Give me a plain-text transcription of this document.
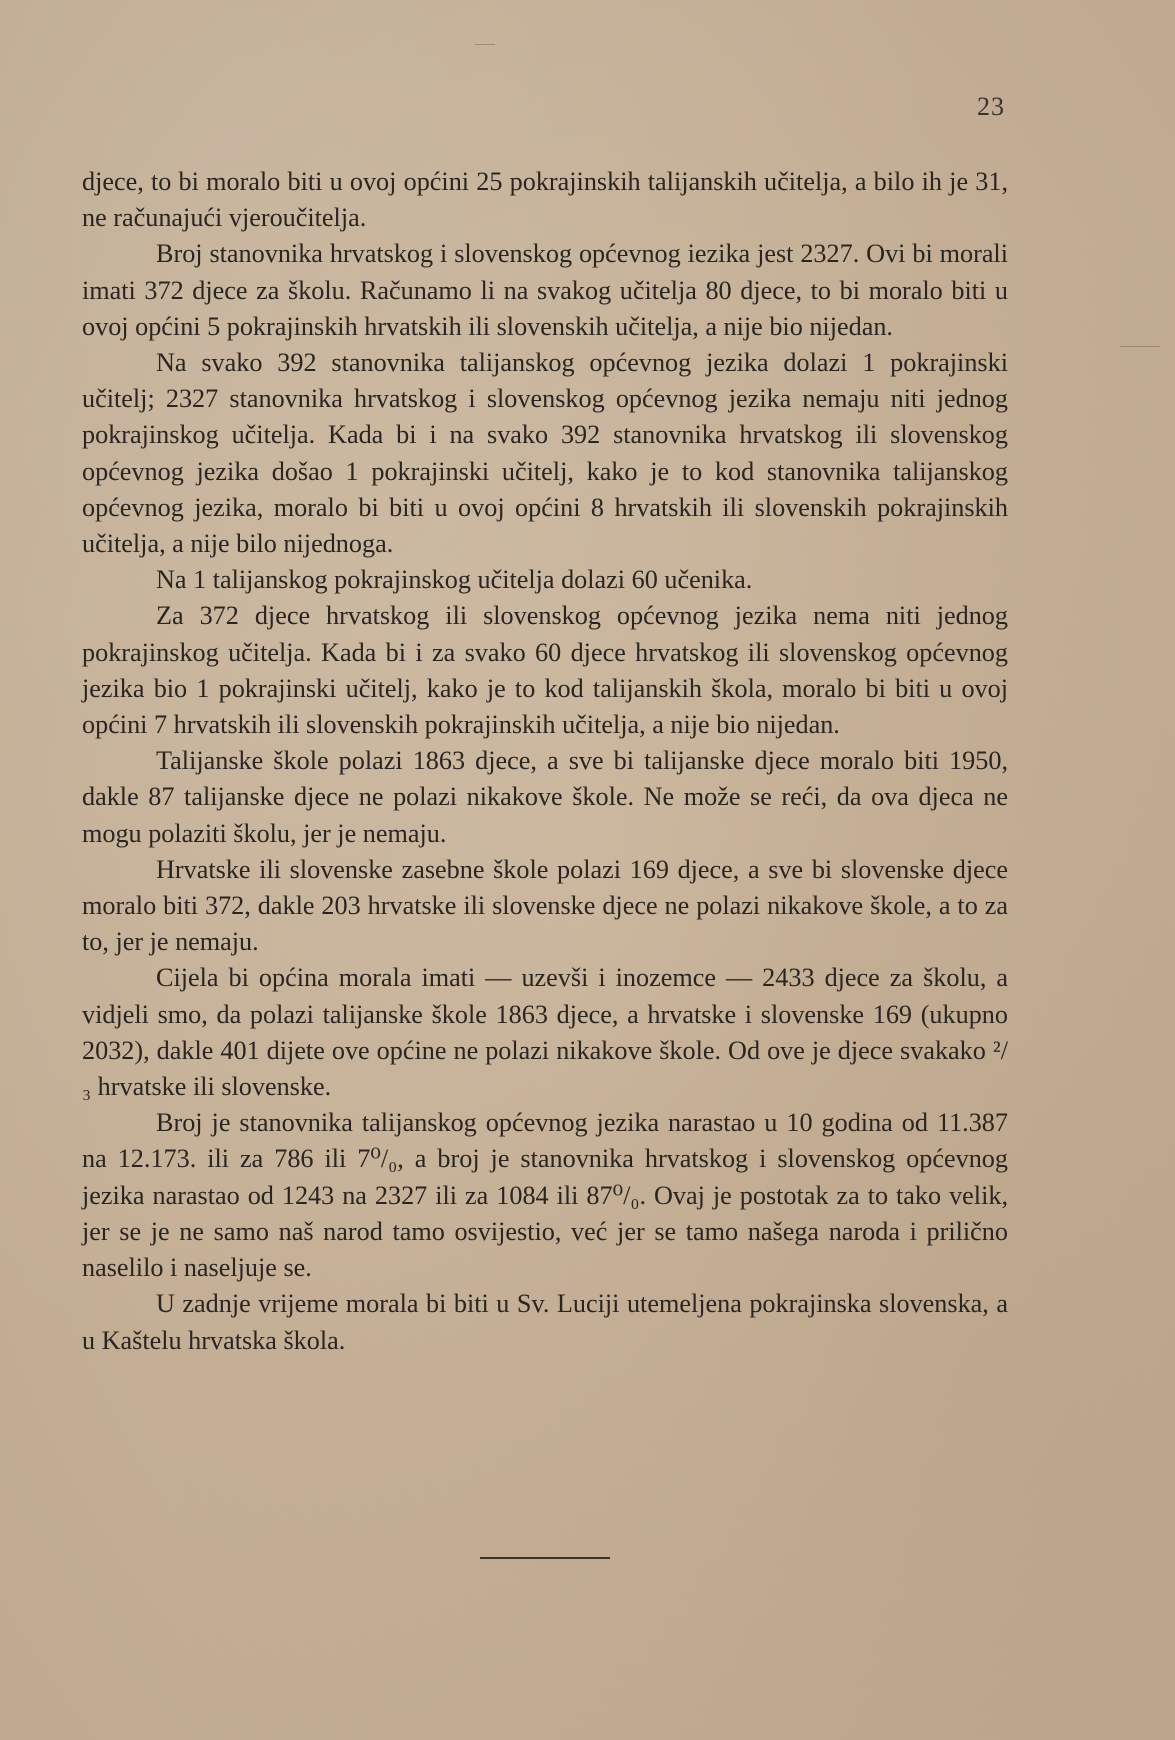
23

djece, to bi moralo biti u ovoj općini 25 pokrajinskih talijanskih učitelja, a bilo ih je 31, ne računajući vjeroučitelja.

Broj stanovnika hrvatskog i slovenskog općevnog iezika jest 2327. Ovi bi morali imati 372 djece za školu. Računamo li na svakog učitelja 80 djece, to bi moralo biti u ovoj općini 5 pokrajinskih hrvatskih ili slovenskih učitelja, a nije bio nijedan.

Na svako 392 stanovnika talijanskog općevnog jezika dolazi 1 pokrajinski učitelj; 2327 stanovnika hrvatskog i slovenskog općevnog jezika nemaju niti jednog pokrajinskog učitelja. Kada bi i na svako 392 stanovnika hrvatskog ili slovenskog općevnog jezika došao 1 pokrajinski učitelj, kako je to kod stanovnika talijanskog općevnog jezika, moralo bi biti u ovoj općini 8 hrvatskih ili slovenskih pokrajinskih učitelja, a nije bilo nijednoga.

Na 1 talijanskog pokrajinskog učitelja dolazi 60 učenika.

Za 372 djece hrvatskog ili slovenskog općevnog jezika nema niti jednog pokrajinskog učitelja. Kada bi i za svako 60 djece hrvatskog ili slovenskog općevnog jezika bio 1 pokrajinski učitelj, kako je to kod talijanskih škola, moralo bi biti u ovoj općini 7 hrvatskih ili slovenskih pokrajinskih učitelja, a nije bio nijedan.

Talijanske škole polazi 1863 djece, a sve bi talijanske djece moralo biti 1950, dakle 87 talijanske djece ne polazi nikakove škole. Ne može se reći, da ova djeca ne mogu polaziti školu, jer je nemaju.

Hrvatske ili slovenske zasebne škole polazi 169 djece, a sve bi slovenske djece moralo biti 372, dakle 203 hrvatske ili slovenske djece ne polazi nikakove škole, a to za to, jer je nemaju.

Cijela bi općina morala imati — uzevši i inozemce — 2433 djece za školu, a vidjeli smo, da polazi talijanske škole 1863 djece, a hrvatske i slovenske 169 (ukupno 2032), dakle 401 dijete ove općine ne polazi nikakove škole. Od ove je djece svakako ²/₃ hrvatske ili slovenske.

Broj je stanovnika talijanskog općevnog jezika narastao u 10 godina od 11.387 na 12.173. ili za 786 ili 7⁰/₀, a broj je stanovnika hrvatskog i slovenskog općevnog jezika narastao od 1243 na 2327 ili za 1084 ili 87⁰/₀. Ovaj je postotak za to tako velik, jer se je ne samo naš narod tamo osvijestio, već jer se tamo našega naroda i prilično naselilo i naseljuje se.

U zadnje vrijeme morala bi biti u Sv. Luciji utemeljena pokrajinska slovenska, a u Kaštelu hrvatska škola.
